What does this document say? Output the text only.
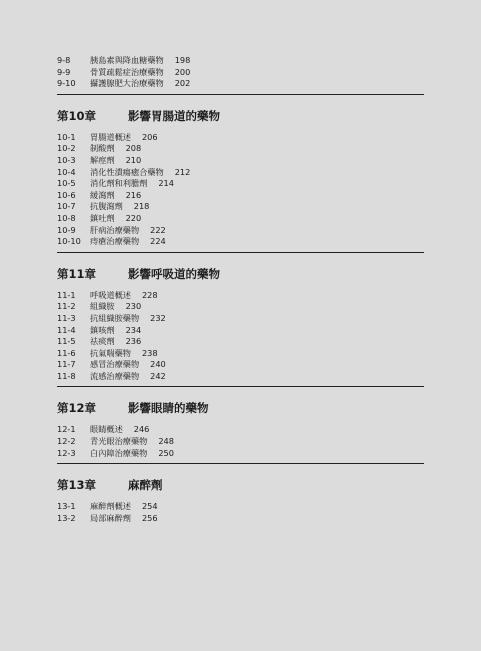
9-8	胰島素與降血糖藥物 198
9-9	骨質疏鬆症治療藥物 200
9-10	攝護腺肥大治療藥物 202
第10章	影響胃腸道的藥物
10-1	胃腸道概述 206
10-2	制酸劑 208
10-3	解痙劑 210
10-4	消化性潰瘍癒合藥物 212
10-5	消化劑和利膽劑 214
10-6	緩瀉劑 216
10-7	抗腹瀉劑 218
10-8	鎮吐劑 220
10-9	肝病治療藥物 222
10-10	痔瘡治療藥物 224
第11章	影響呼吸道的藥物
11-1	呼吸道概述 228
11-2	組織胺 230
11-3	抗組織胺藥物 232
11-4	鎮咳劑 234
11-5	祛痰劑 236
11-6	抗氣喘藥物 238
11-7	感冒治療藥物 240
11-8	流感治療藥物 242
第12章	影響眼睛的藥物
12-1	眼睛概述 246
12-2	青光眼治療藥物 248
12-3	白內障治療藥物 250
第13章	麻醉劑
13-1	麻醉劑概述 254
13-2	局部麻醉劑 256
